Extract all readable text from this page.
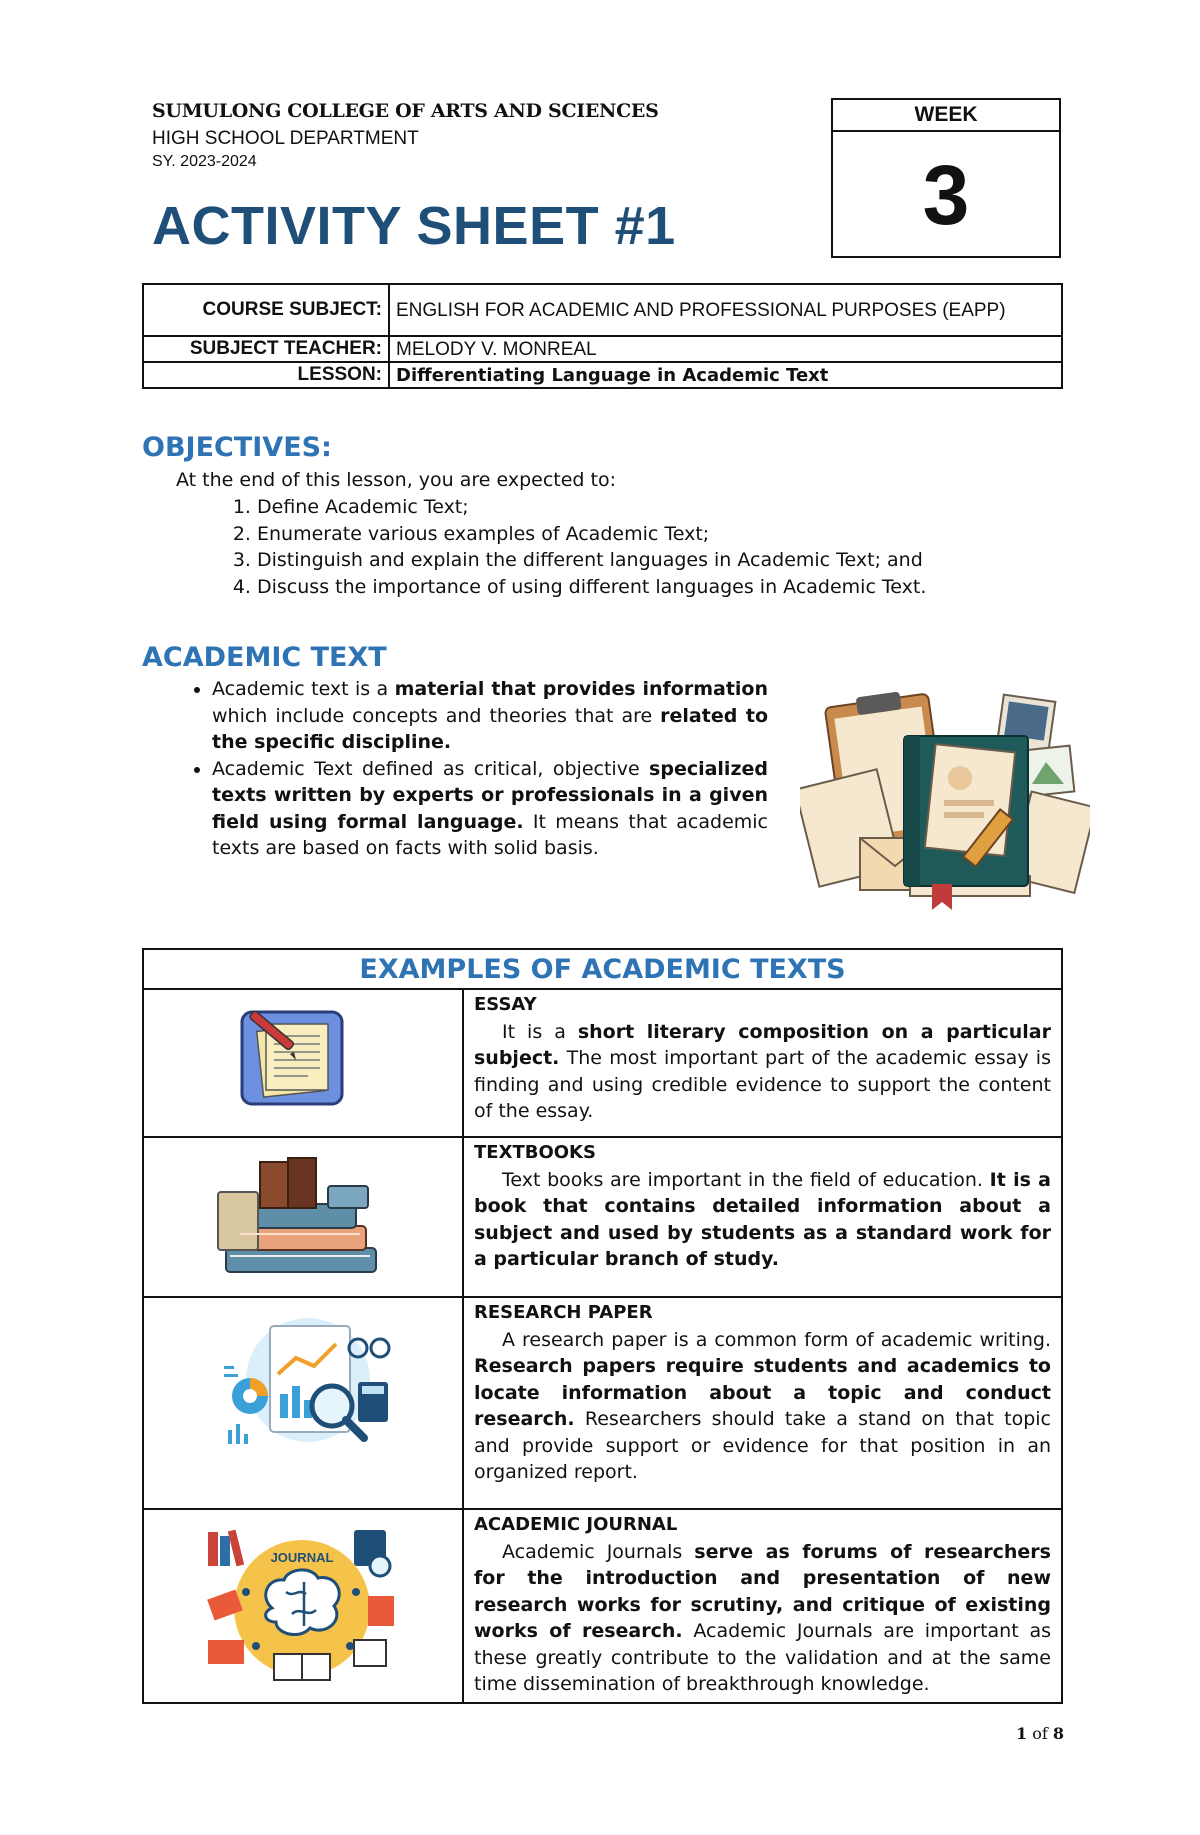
SUMULONG COLLEGE OF ARTS AND SCIENCES
HIGH SCHOOL DEPARTMENT
SY. 2023-2024
ACTIVITY SHEET #1
WEEK
3
COURSE SUBJECT:	ENGLISH FOR ACADEMIC AND PROFESSIONAL PURPOSES (EAPP)
SUBJECT TEACHER:	MELODY V. MONREAL
LESSON:	Differentiating Language in Academic Text
OBJECTIVES:
At the end of this lesson, you are expected to:
1. Define Academic Text;
2. Enumerate various examples of Academic Text;
3. Distinguish and explain the different languages in Academic Text; and
4. Discuss the importance of using different languages in Academic Text.
ACADEMIC TEXT
• Academic text is a material that provides information which include concepts and theories that are related to the specific discipline.
• Academic Text defined as critical, objective specialized texts written by experts or professionals in a given field using formal language. It means that academic texts are based on facts with solid basis.
EXAMPLES OF ACADEMIC TEXTS	

ESSAY
It is a short literary composition on a particular subject. The most important part of the academic essay is finding and using credible evidence to support the content of the essay.

TEXTBOOKS
Text books are important in the field of education. It is a book that contains detailed information about a subject and used by students as a standard work for a particular branch of study.

RESEARCH PAPER
A research paper is a common form of academic writing. Research papers require students and academics to locate information about a topic and conduct research. Researchers should take a stand on that topic and provide support or evidence for that position in an organized report.

JOURNAL	ACADEMIC JOURNAL
Academic Journals serve as forums of researchers for the introduction and presentation of new research works for scrutiny, and critique of existing works of research. Academic Journals are important as these greatly contribute to the validation and at the same time dissemination of breakthrough knowledge.
1 of 8
